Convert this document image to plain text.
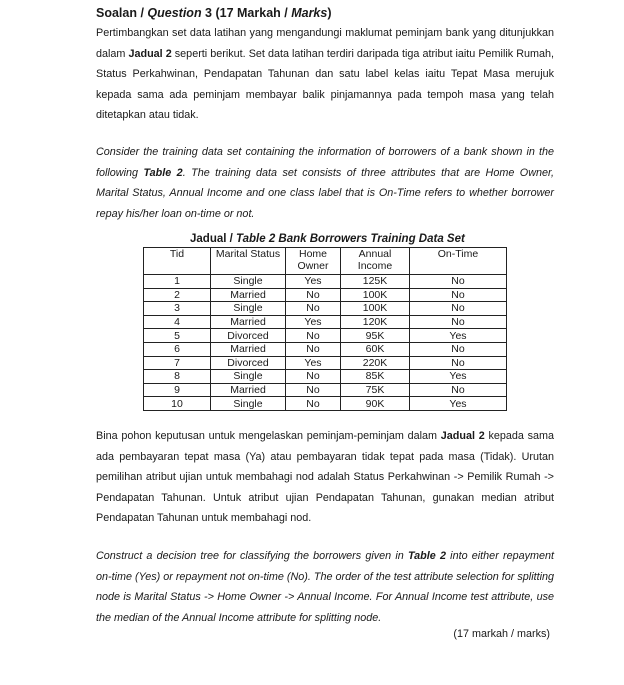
Soalan / Question 3 (17 Markah / Marks)
Pertimbangkan set data latihan yang mengandungi maklumat peminjam bank yang ditunjukkan dalam Jadual 2 seperti berikut. Set data latihan terdiri daripada tiga atribut iaitu Pemilik Rumah, Status Perkahwinan, Pendapatan Tahunan dan satu label kelas iaitu Tepat Masa merujuk kepada sama ada peminjam membayar balik pinjamannya pada tempoh masa yang telah ditetapkan atau tidak.
Consider the training data set containing the information of borrowers of a bank shown in the following Table 2. The training data set consists of three attributes that are Home Owner, Marital Status, Annual Income and one class label that is On-Time refers to whether borrower repay his/her loan on-time or not.
Jadual / Table 2 Bank Borrowers Training Data Set
Tid	Marital Status	Home Owner	Annual Income	On-Time
1	Single	Yes	125K	No
2	Married	No	100K	No
3	Single	No	100K	No
4	Married	Yes	120K	No
5	Divorced	No	95K	Yes
6	Married	No	60K	No
7	Divorced	Yes	220K	No
8	Single	No	85K	Yes
9	Married	No	75K	No
10	Single	No	90K	Yes
Bina pohon keputusan untuk mengelaskan peminjam-peminjam dalam Jadual 2 kepada sama ada pembayaran tepat masa (Ya) atau pembayaran tidak tepat pada masa (Tidak). Urutan pemilihan atribut ujian untuk membahagi nod adalah Status Perkahwinan -> Pemilik Rumah -> Pendapatan Tahunan. Untuk atribut ujian Pendapatan Tahunan, gunakan median atribut Pendapatan Tahunan untuk membahagi nod.
Construct a decision tree for classifying the borrowers given in Table 2 into either repayment on-time (Yes) or repayment not on-time (No). The order of the test attribute selection for splitting node is Marital Status -> Home Owner -> Annual Income. For Annual Income test attribute, use the median of the Annual Income attribute for splitting node.
(17 markah / marks)
